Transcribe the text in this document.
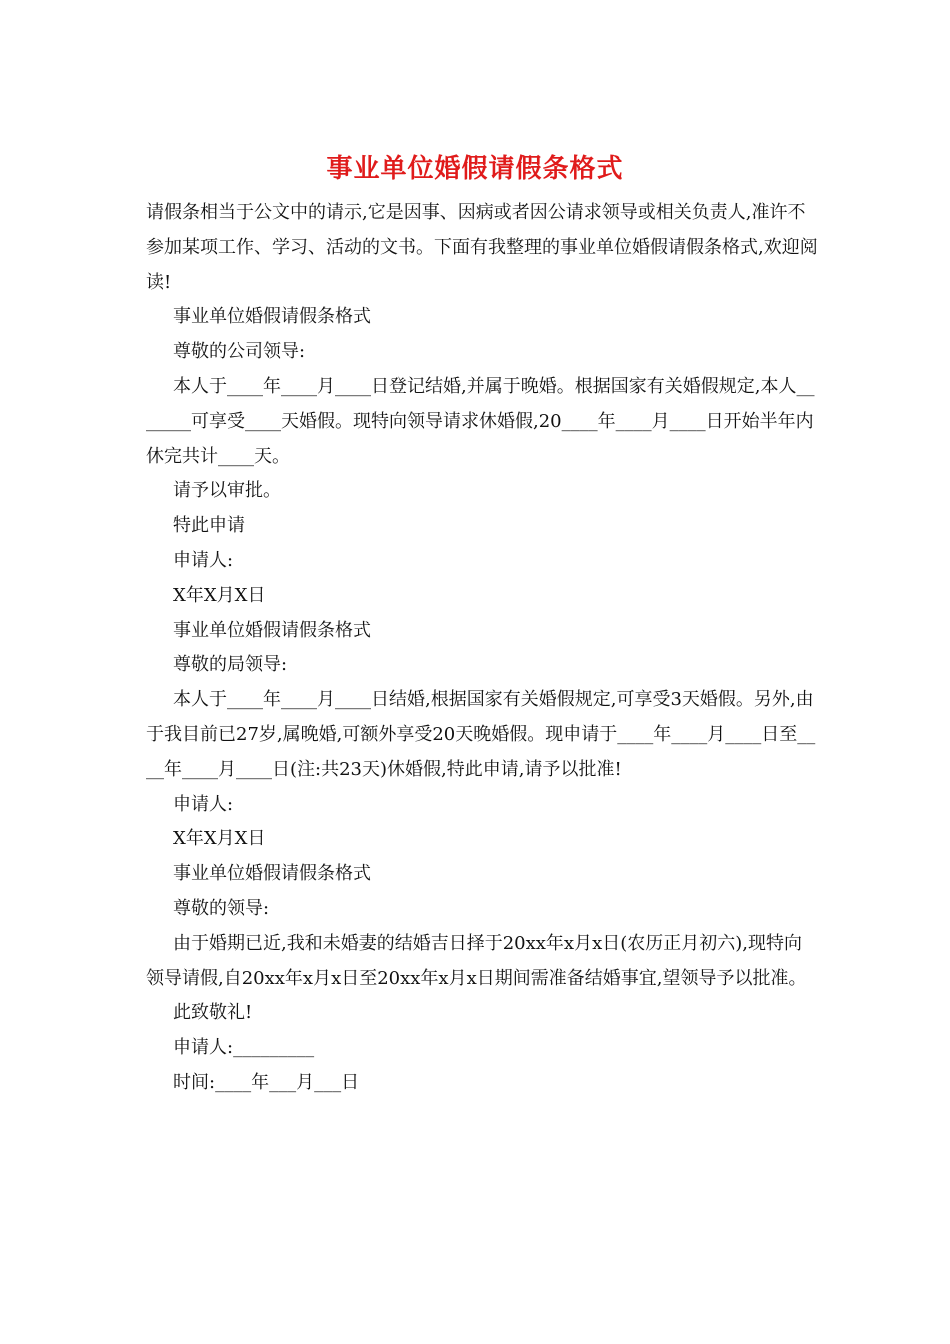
事业单位婚假请假条格式

请假条相当于公文中的请示,它是因事、因病或者因公请求领导或相关负责人,准许不参加某项工作、学习、活动的文书。下面有我整理的事业单位婚假请假条格式,欢迎阅读!

事业单位婚假请假条格式

尊敬的公司领导:

本人于____年____月____日登记结婚,并属于晚婚。根据国家有关婚假规定,本人_______可享受____天婚假。现特向领导请求休婚假,20____年____月____日开始半年内休完共计____天。

请予以审批。

特此申请

申请人:

X年X月X日

事业单位婚假请假条格式

尊敬的局领导:

本人于____年____月____日结婚,根据国家有关婚假规定,可享受3天婚假。另外,由于我目前已27岁,属晚婚,可额外享受20天晚婚假。现申请于____年____月____日至____年____月____日(注:共23天)休婚假,特此申请,请予以批准!

申请人:

X年X月X日

事业单位婚假请假条格式

尊敬的领导:

由于婚期已近,我和未婚妻的结婚吉日择于20xx年x月x日(农历正月初六),现特向领导请假,自20xx年x月x日至20xx年x月x日期间需准备结婚事宜,望领导予以批准。

此致敬礼!

申请人:_________

时间:____年___月___日
